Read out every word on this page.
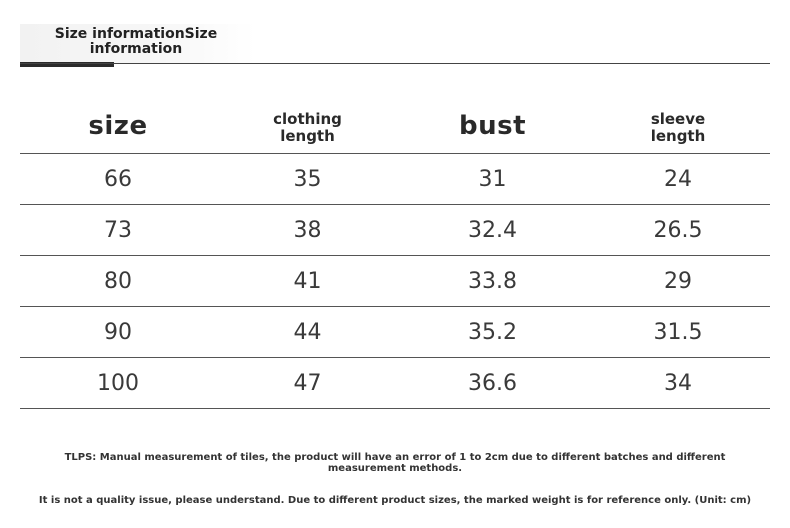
Size informationSize information
size	clothing length	bust	sleeve length
66	35	31	24
73	38	32.4	26.5
80	41	33.8	29
90	44	35.2	31.5
100	47	36.6	34
TLPS: Manual measurement of tiles, the product will have an error of 1 to 2cm due to different batches and different measurement methods.
It is not a quality issue, please understand. Due to different product sizes, the marked weight is for reference only. (Unit: cm)
